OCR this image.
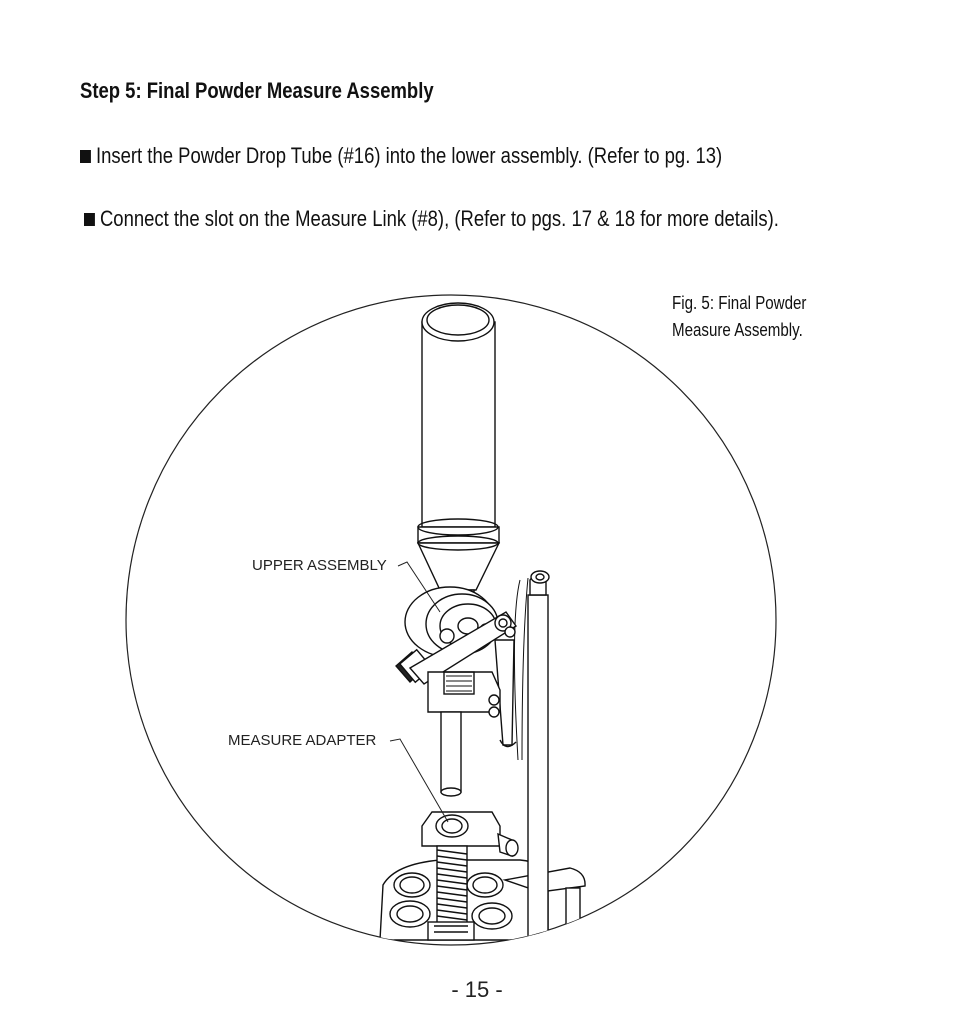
Step 5: Final Powder Measure Assembly
Insert the Powder Drop Tube (#16) into the lower assembly. (Refer to pg. 13)
Connect the slot on the Measure Link (#8), (Refer to pgs. 17 & 18 for more details).
Fig. 5: Final Powder
Measure Assembly.
UPPER ASSEMBLY
MEASURE ADAPTER
- 15 -
